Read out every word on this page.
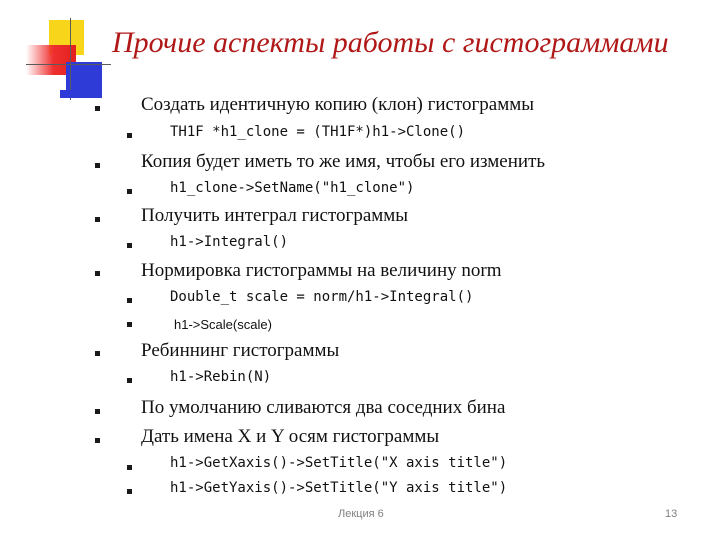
Прочие аспекты работы с гистограммами
Создать идентичную копию (клон) гистограммы
TH1F *h1_clone = (TH1F*)h1->Clone()
Копия будет иметь то же имя, чтобы его изменить
h1_clone->SetName("h1_clone")
Получить интеграл гистограммы
h1->Integral()
Нормировка гистограммы на величину norm
Double_t scale = norm/h1->Integral()
h1->Scale(scale)
Ребиннинг гистограммы
h1->Rebin(N)
По умолчанию сливаются два соседних бина
Дать имена X и Y осям гистограммы
h1->GetXaxis()->SetTitle("X axis title")
h1->GetYaxis()->SetTitle("Y axis title")
Лекция 6	13
